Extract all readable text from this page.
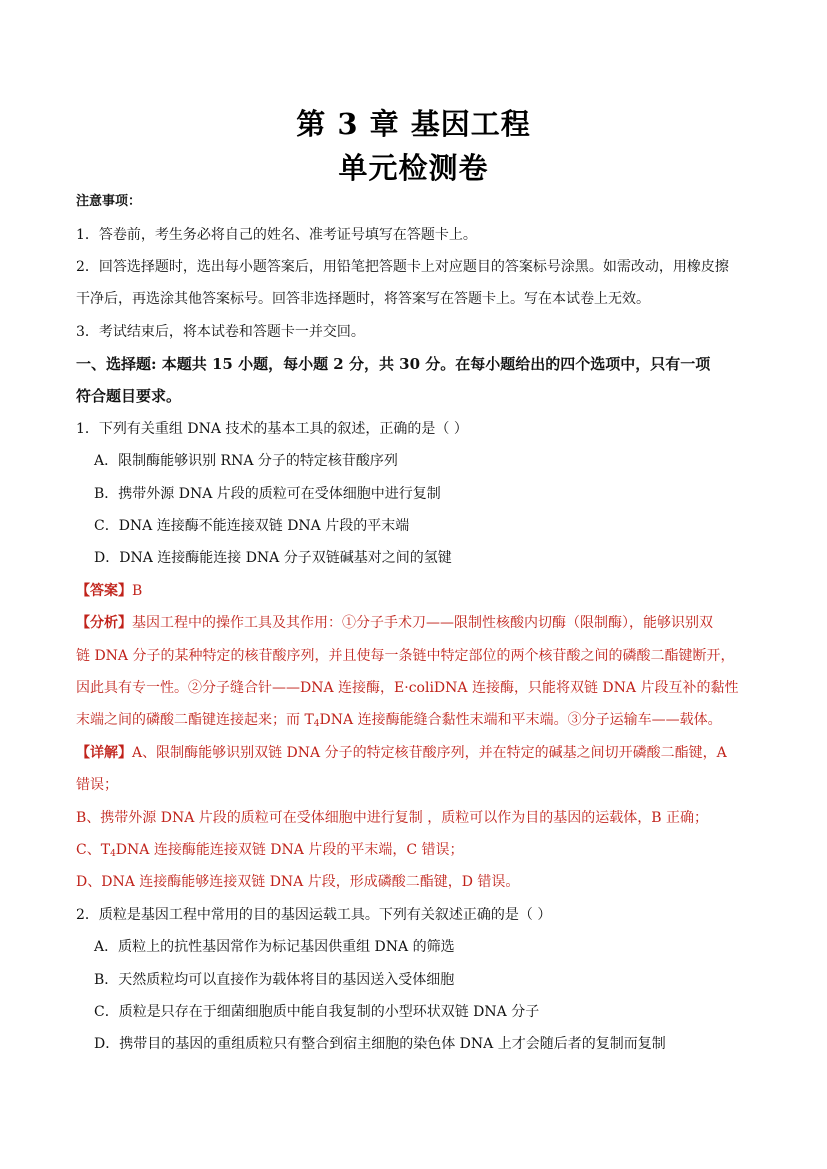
第 3 章 基因工程
单元检测卷
注意事项：
1．答卷前，考生务必将自己的姓名、准考证号填写在答题卡上。
2．回答选择题时，选出每小题答案后，用铅笔把答题卡上对应题目的答案标号涂黑。如需改动，用橡皮擦
干净后，再选涂其他答案标号。回答非选择题时，将答案写在答题卡上。写在本试卷上无效。
3．考试结束后，将本试卷和答题卡一并交回。
一、选择题: 本题共 15 小题，每小题 2 分，共 30 分。在每小题给出的四个选项中，只有一项
符合题目要求。
1．下列有关重组 DNA 技术的基本工具的叙述，正确的是（ ）
A．限制酶能够识别 RNA 分子的特定核苷酸序列
B．携带外源 DNA 片段的质粒可在受体细胞中进行复制
C．DNA 连接酶不能连接双链 DNA 片段的平末端
D．DNA 连接酶能连接 DNA 分子双链碱基对之间的氢键
【答案】B
【分析】基因工程中的操作工具及其作用：①分子手术刀——限制性核酸内切酶（限制酶），能够识别双
链 DNA 分子的某种特定的核苷酸序列，并且使每一条链中特定部位的两个核苷酸之间的磷酸二酯键断开，
因此具有专一性。②分子缝合针——DNA 连接酶，E·coliDNA 连接酶，只能将双链 DNA 片段互补的黏性
末端之间的磷酸二酯键连接起来；而 $T_4DNA$ 连接酶能缝合黏性末端和平末端。③分子运输车——载体。
【详解】A、限制酶能够识别双链 DNA 分子的特定核苷酸序列，并在特定的碱基之间切开磷酸二酯键，A
错误；
B、携带外源 DNA 片段的质粒可在受体细胞中进行复制 ，质粒可以作为目的基因的运载体，B 正确；
C、$T_4DNA$ 连接酶能连接双链 DNA 片段的平末端，C 错误；
D、DNA 连接酶能够连接双链 DNA 片段，形成磷酸二酯键，D 错误。
2．质粒是基因工程中常用的目的基因运载工具。下列有关叙述正确的是（ ）
A．质粒上的抗性基因常作为标记基因供重组 DNA 的筛选
B．天然质粒均可以直接作为载体将目的基因送入受体细胞
C．质粒是只存在于细菌细胞质中能自我复制的小型环状双链 DNA 分子
D．携带目的基因的重组质粒只有整合到宿主细胞的染色体 DNA 上才会随后者的复制而复制
